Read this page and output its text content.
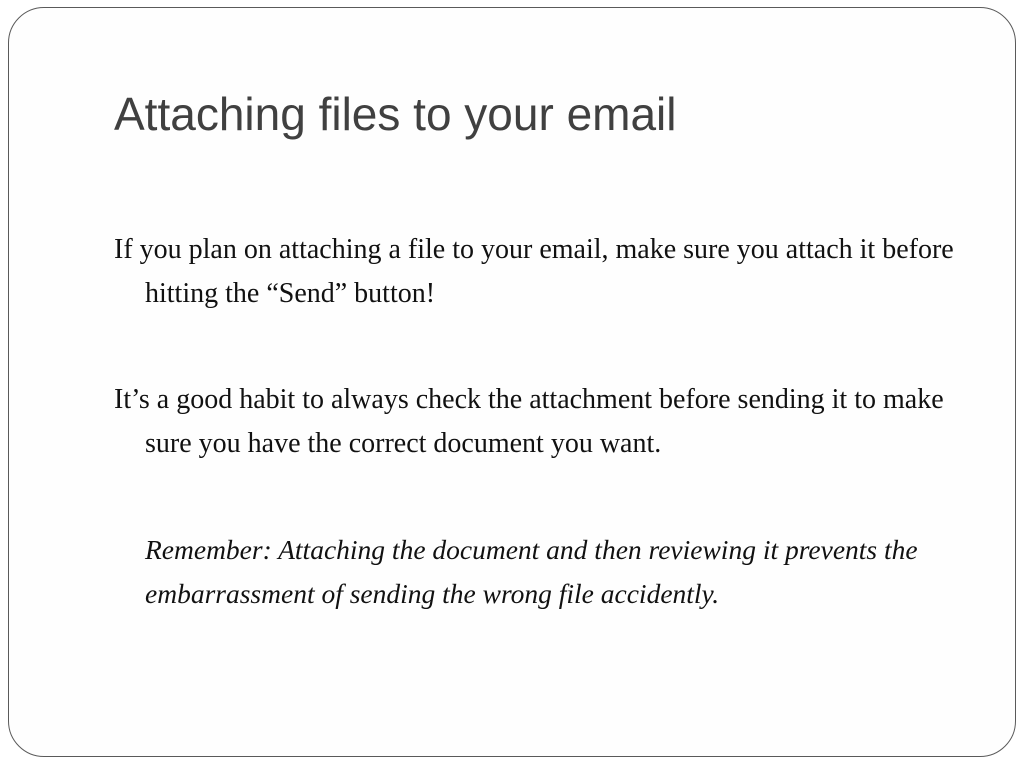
Attaching files to your email

If you plan on attaching a file to your email, make sure you attach it before hitting the “Send” button!

It’s a good habit to always check the attachment before sending it to make sure you have the correct document you want.

Remember: Attaching the document and then reviewing it prevents the embarrassment of sending the wrong file accidently.
